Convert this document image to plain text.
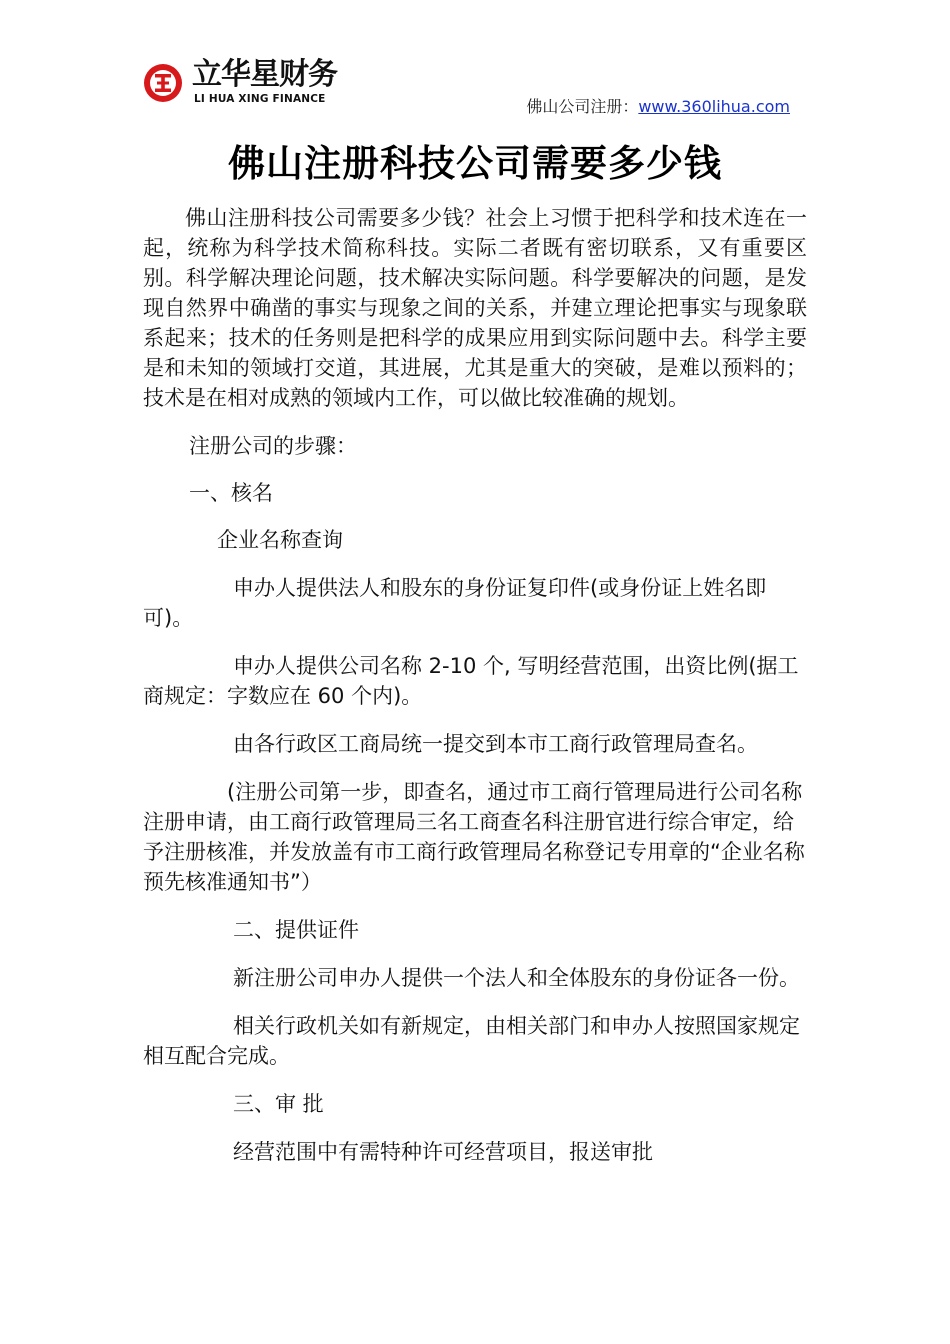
立华星财务
LI HUA XING FINANCE	佛山公司注册：www.360lihua.com
佛山注册科技公司需要多少钱

佛山注册科技公司需要多少钱？社会上习惯于把科学和技术连在一起，统称为科学技术简称科技。实际二者既有密切联系，又有重要区别。科学解决理论问题，技术解决实际问题。科学要解决的问题，是发现自然界中确凿的事实与现象之间的关系，并建立理论把事实与现象联系起来；技术的任务则是把科学的成果应用到实际问题中去。科学主要是和未知的领域打交道，其进展，尤其是重大的突破，是难以预料的；技术是在相对成熟的领域内工作，可以做比较准确的规划。

注册公司的步骤：

一、核名

企业名称查询

申办人提供法人和股东的身份证复印件(或身份证上姓名即可)。

申办人提供公司名称 2-10 个, 写明经营范围，出资比例(据工商规定：字数应在 60 个内)。

由各行政区工商局统一提交到本市工商行政管理局查名。

(注册公司第一步，即查名，通过市工商行管理局进行公司名称注册申请，由工商行政管理局三名工商查名科注册官进行综合审定，给予注册核准，并发放盖有市工商行政管理局名称登记专用章的“企业名称预先核准通知书”）

二、提供证件

新注册公司申办人提供一个法人和全体股东的身份证各一份。

相关行政机关如有新规定，由相关部门和申办人按照国家规定相互配合完成。

三、审 批

经营范围中有需特种许可经营项目，报送审批
